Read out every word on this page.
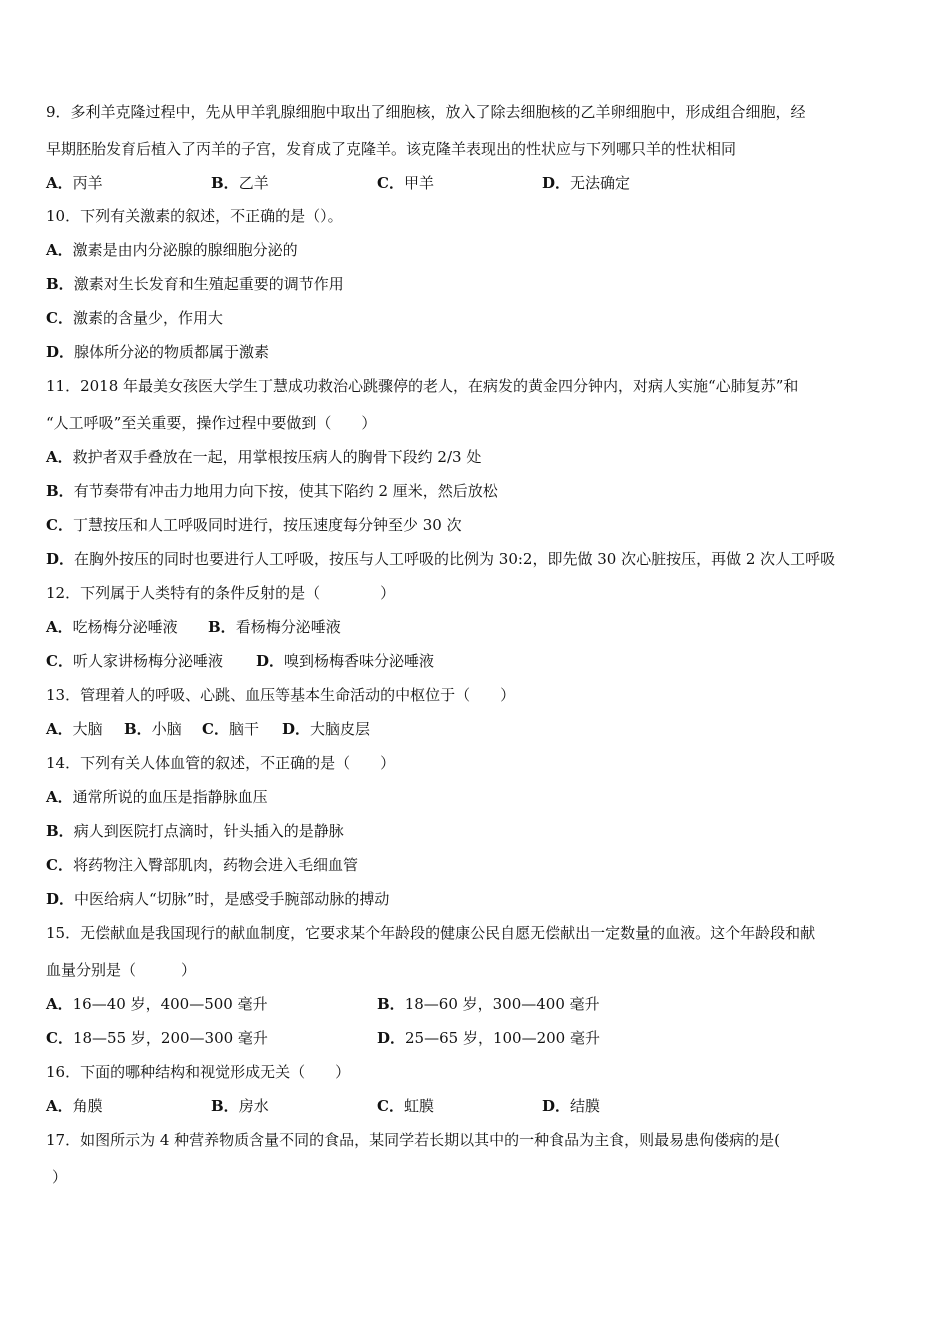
9．多利羊克隆过程中，先从甲羊乳腺细胞中取出了细胞核，放入了除去细胞核的乙羊卵细胞中，形成组合细胞，经
早期胚胎发育后植入了丙羊的子宫，发育成了克隆羊。该克隆羊表现出的性状应与下列哪只羊的性状相同
A．丙羊	B．乙羊	C．甲羊	D．无法确定
10．下列有关激素的叙述，不正确的是（）。
A．激素是由内分泌腺的腺细胞分泌的
B．激素对生长发育和生殖起重要的调节作用
C．激素的含量少，作用大
D．腺体所分泌的物质都属于激素
11．2018 年最美女孩医大学生丁慧成功救治心跳骤停的老人，在病发的黄金四分钟内，对病人实施“心肺复苏”和
“人工呼吸”至关重要，操作过程中要做到（　　）
A．救护者双手叠放在一起，用掌根按压病人的胸骨下段约 2/3 处
B．有节奏带有冲击力地用力向下按，使其下陷约 2 厘米，然后放松
C．丁慧按压和人工呼吸同时进行，按压速度每分钟至少 30 次
D．在胸外按压的同时也要进行人工呼吸，按压与人工呼吸的比例为 30:2，即先做 30 次心脏按压，再做 2 次人工呼吸
12．下列属于人类特有的条件反射的是（　　　　）
A．吃杨梅分泌唾液 B．看杨梅分泌唾液
C．听人家讲杨梅分泌唾液 D．嗅到杨梅香味分泌唾液
13．管理着人的呼吸、心跳、血压等基本生命活动的中枢位于（　　）
A．大脑 B．小脑 C．脑干 D．大脑皮层
14．下列有关人体血管的叙述，不正确的是（　　）
A．通常所说的血压是指静脉血压
B．病人到医院打点滴时，针头插入的是静脉
C．将药物注入臀部肌肉，药物会进入毛细血管
D．中医给病人“切脉”时，是感受手腕部动脉的搏动
15．无偿献血是我国现行的献血制度，它要求某个年龄段的健康公民自愿无偿献出一定数量的血液。这个年龄段和献
血量分别是（　　　）
A．16—40 岁，400—500 毫升	B．18—60 岁，300—400 毫升
C．18—55 岁，200—300 毫升	D．25—65 岁，100—200 毫升
16．下面的哪种结构和视觉形成无关（　　）
A．角膜	B．房水	C．虹膜	D．结膜
17．如图所示为 4 种营养物质含量不同的食品，某同学若长期以其中的一种食品为主食，则最易患佝偻病的是(
）
